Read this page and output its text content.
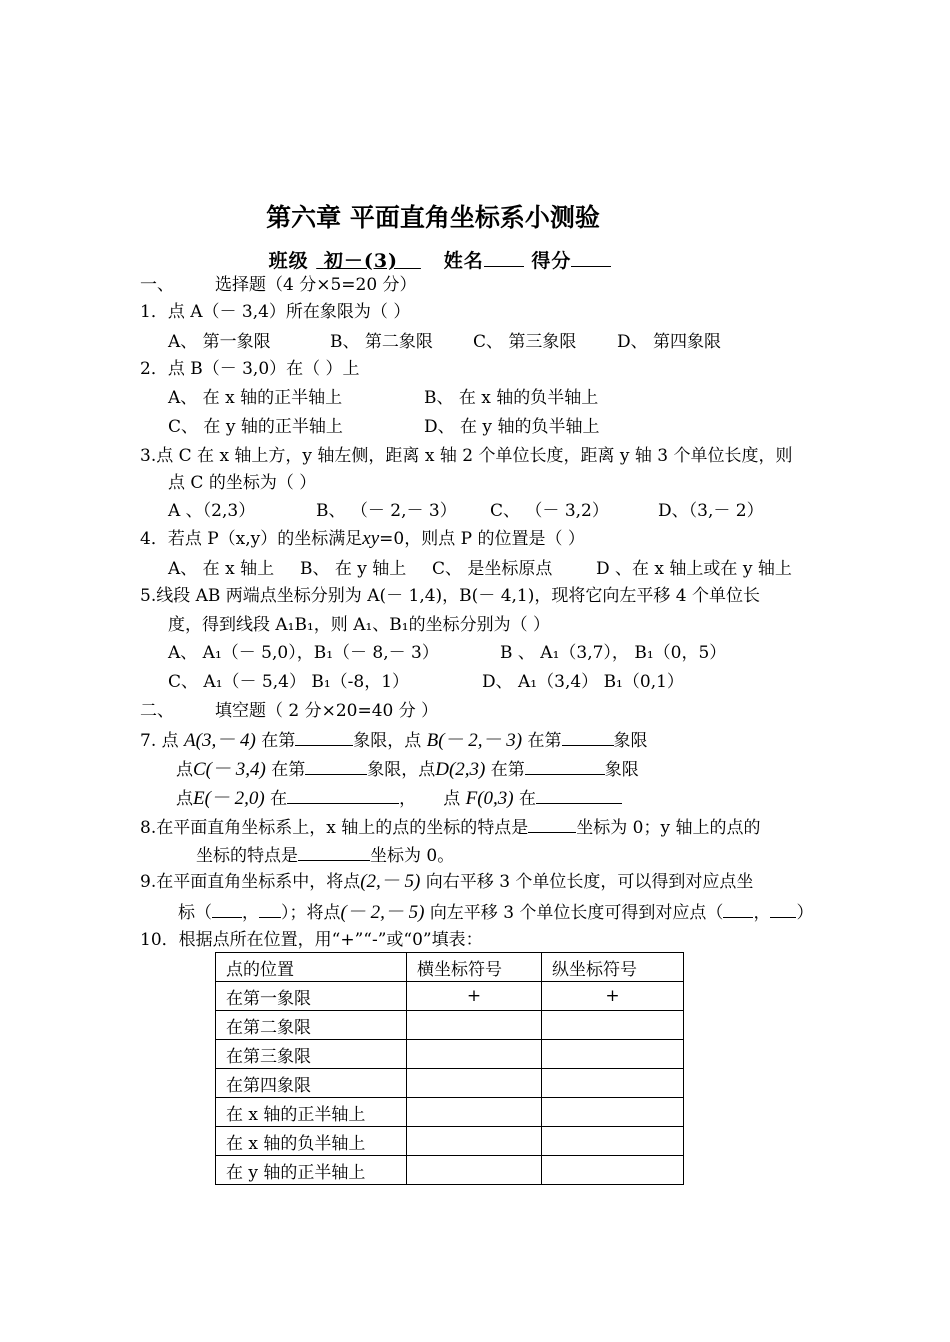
第六章 平面直角坐标系小测验
班级 初－(3) 姓名	得分
一、 选择题（4 分×5=20 分）
1．点 A（－ 3,4）所在象限为（ ）
A、 第一象限	B、 第二象限 C、 第三象限 D、 第四象限
2．点 B（－ 3,0）在（ ）上
A、 在 x 轴的正半轴上	B、 在 x 轴的负半轴上
C、 在 y 轴的正半轴上	D、 在 y 轴的负半轴上
3.点 C 在 x 轴上方，y 轴左侧，距离 x 轴 2 个单位长度，距离 y 轴 3 个单位长度，则
点 C 的坐标为（ ）
A 、（2,3）	B、 （－ 2,－ 3） C、 （－ 3,2）	D、（3,－ 2）
4．若点 P（x,y）的坐标满足xy=0，则点 P 的位置是（ ）
A、 在 x 轴上 B、 在 y 轴上 C、 是坐标原点	D 、在 x 轴上或在 y 轴上
5.线段 AB 两端点坐标分别为 A(－ 1,4)，B(－ 4,1)，现将它向左平移 4 个单位长
度，得到线段 A₁B₁，则 A₁、B₁的坐标分别为（ ）
A、 A₁（－ 5,0），B₁（－ 8,－ 3）	B 、 A₁（3,7）， B₁（0，5）
C、 A₁（－ 5,4） B₁（-8，1）	D、 A₁（3,4） B₁（0,1）
二、 填空题（ 2 分×20=40 分 ）
7. 点 A(3,－ 4) 在第	象限，点 B(－ 2,－ 3) 在第	象限
点C(－ 3,4) 在第	象限，点D(2,3) 在第	象限
点E(－ 2,0) 在	， 点 F(0,3) 在
8.在平面直角坐标系上，x 轴上的点的坐标的特点是	坐标为 0；y 轴上的点的
坐标的特点是	坐标为 0。
9.在平面直角坐标系中，将点(2,－ 5) 向右平移 3 个单位长度，可以得到对应点坐
标（ ， ）；将点(－ 2,－ 5) 向左平移 3 个单位长度可得到对应点（ ， ）
10．根据点所在位置，用“+”“-”或“0”填表：
点的位置	横坐标符号	纵坐标符号
在第一象限	+	+
在第二象限		
在第三象限		
在第四象限		
在 x 轴的正半轴上		
在 x 轴的负半轴上		
在 y 轴的正半轴上		
